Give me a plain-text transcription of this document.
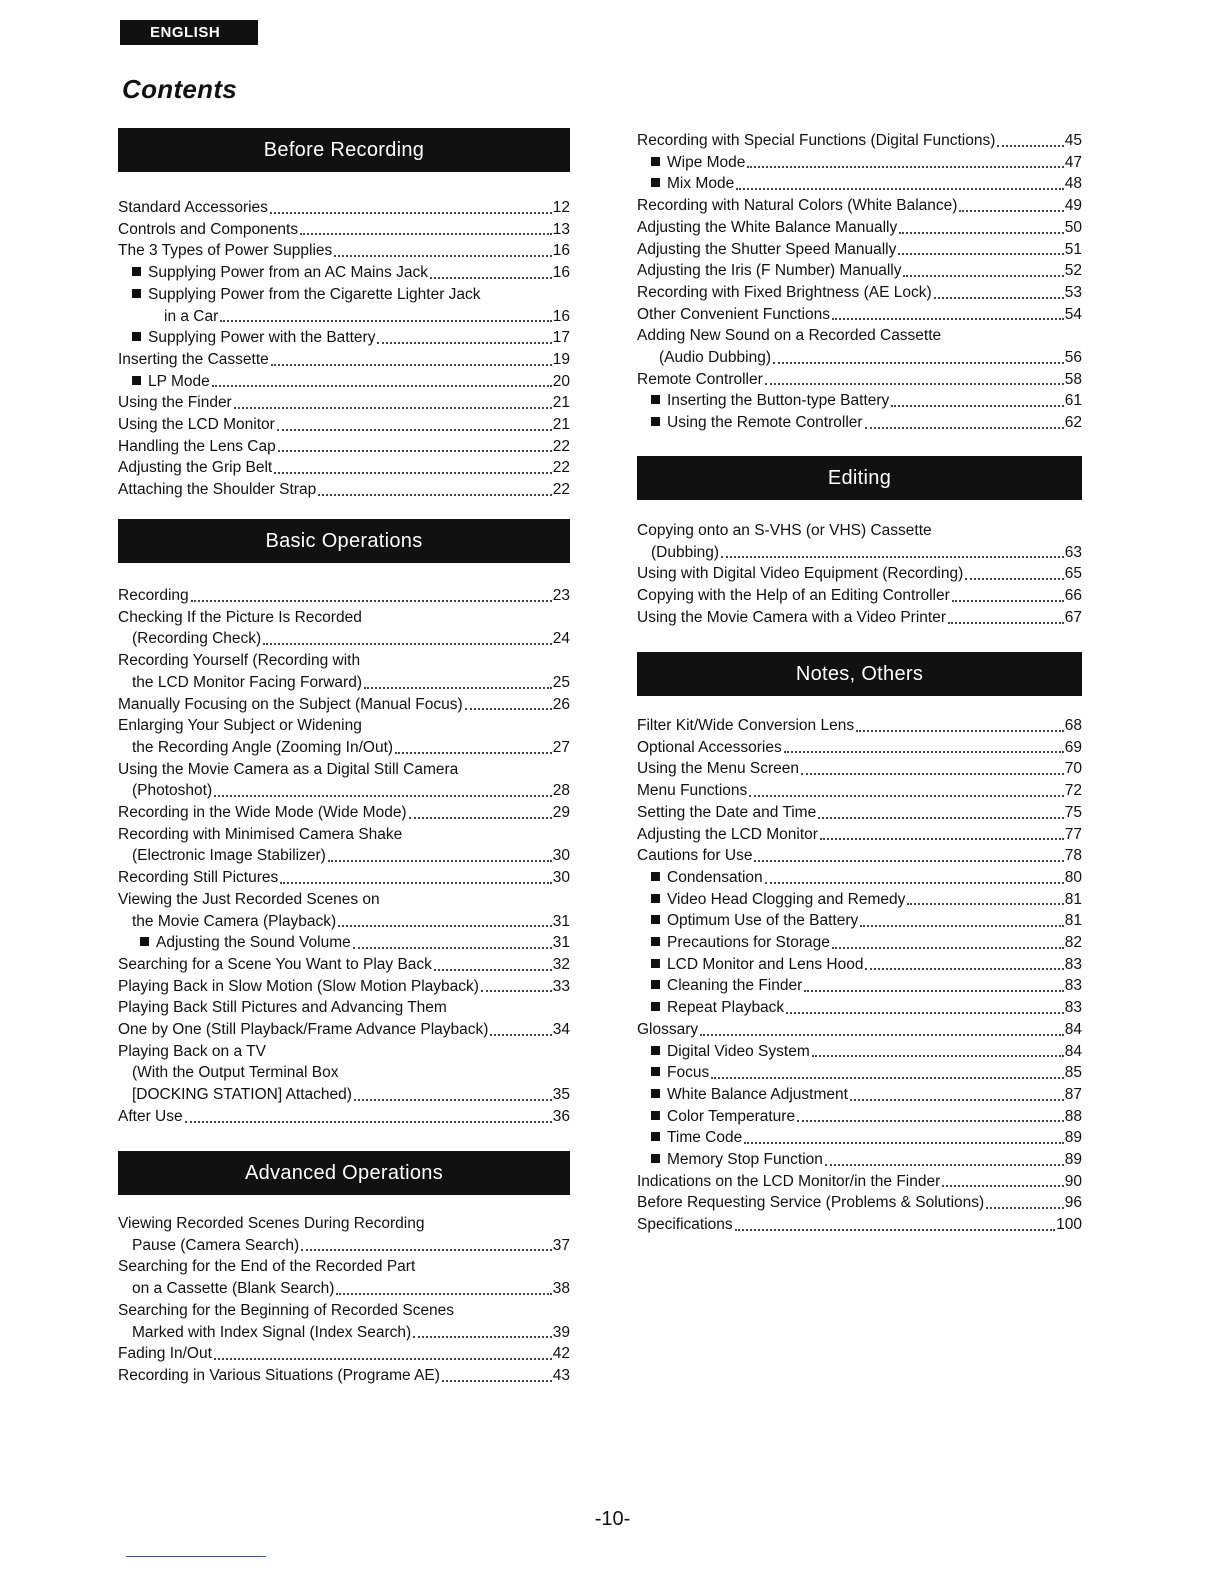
ENGLISH
Contents
Before Recording
Standard Accessories	12
Controls and Components	13
The 3 Types of Power Supplies	16
Supplying Power from an AC Mains Jack	16
Supplying Power from the Cigarette Lighter Jack
in a Car	16
Supplying Power with the Battery	17
Inserting the Cassette	19
LP Mode	20
Using the Finder	21
Using the LCD Monitor	21
Handling the Lens Cap	22
Adjusting the Grip Belt	22
Attaching the Shoulder Strap	22
Basic Operations
Recording	23
Checking If the Picture Is Recorded
(Recording Check)	24
Recording Yourself (Recording with
the LCD Monitor Facing Forward)	25
Manually Focusing on the Subject (Manual Focus)	26
Enlarging Your Subject or Widening
the Recording Angle (Zooming In/Out)	27
Using the Movie Camera as a Digital Still Camera
(Photoshot)	28
Recording in the Wide Mode (Wide Mode)	29
Recording with Minimised Camera Shake
(Electronic Image Stabilizer)	30
Recording Still Pictures	30
Viewing the Just Recorded Scenes on
the Movie Camera (Playback)	31
Adjusting the Sound Volume	31
Searching for a Scene You Want to Play Back	32
Playing Back in Slow Motion (Slow Motion Playback)	33
Playing Back Still Pictures and Advancing Them
One by One (Still Playback/Frame Advance Playback)	34
Playing Back on a TV
(With the Output Terminal Box
[DOCKING STATION] Attached)	35
After Use	36
Advanced Operations
Viewing Recorded Scenes During Recording
Pause (Camera Search)	37
Searching for the End of the Recorded Part
on a Cassette (Blank Search)	38
Searching for the Beginning of Recorded Scenes
Marked with Index Signal (Index Search)	39
Fading In/Out	42
Recording in Various Situations (Programe AE)	43
Recording with Special Functions (Digital Functions)	45
Wipe Mode	47
Mix Mode	48
Recording with Natural Colors (White Balance)	49
Adjusting the White Balance Manually	50
Adjusting the Shutter Speed Manually	51
Adjusting the Iris (F Number) Manually	52
Recording with Fixed Brightness (AE Lock)	53
Other Convenient Functions	54
Adding New Sound on a Recorded Cassette
(Audio Dubbing)	56
Remote Controller	58
Inserting the Button-type Battery	61
Using the Remote Controller	62
Editing
Copying onto an S-VHS (or VHS) Cassette
(Dubbing)	63
Using with Digital Video Equipment (Recording)	65
Copying with the Help of an Editing Controller	66
Using the Movie Camera with a Video Printer	67
Notes, Others
Filter Kit/Wide Conversion Lens	68
Optional Accessories	69
Using the Menu Screen	70
Menu Functions	72
Setting the Date and Time	75
Adjusting the LCD Monitor	77
Cautions for Use	78
Condensation	80
Video Head Clogging and Remedy	81
Optimum Use of the Battery	81
Precautions for Storage	82
LCD Monitor and Lens Hood	83
Cleaning the Finder	83
Repeat Playback	83
Glossary	84
Digital Video System	84
Focus	85
White Balance Adjustment	87
Color Temperature	88
Time Code	89
Memory Stop Function	89
Indications on the LCD Monitor/in the Finder	90
Before Requesting Service (Problems & Solutions)	96
Specifications	100
-10-
